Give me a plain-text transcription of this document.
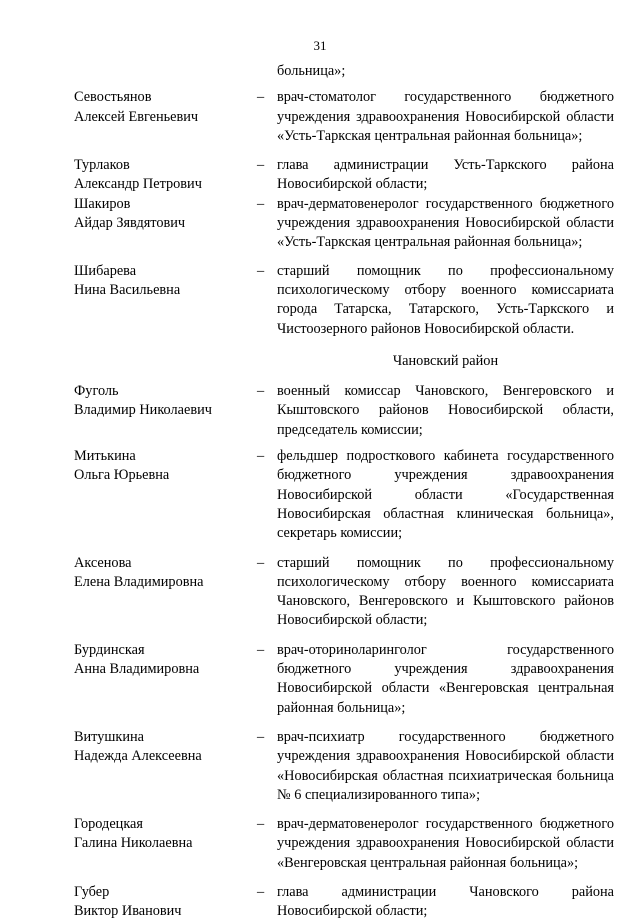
31
больница»;
Севостьянов
Алексей Евгеньевич
– врач-стоматолог государственного бюджетного учреждения здравоохранения Новосибирской области «Усть-Таркская центральная районная больница»;
Турлаков
Александр Петрович
– глава администрации Усть-Таркского района Новосибирской области;
Шакиров
Айдар Зявдятович
– врач-дерматовенеролог государственного бюджетного учреждения здравоохранения Новосибирской области «Усть-Таркская центральная районная больница»;
Шибарева
Нина Васильевна
– старший помощник по профессиональному психологическому отбору военного комиссариата города Татарска, Татарского, Усть-Таркского и Чистоозерного районов Новосибирской области.
Чановский район
Фуголь
Владимир Николаевич
– военный комиссар Чановского, Венгеровского и Кыштовского районов Новосибирской области, председатель комиссии;
Митькина
Ольга Юрьевна
– фельдшер подросткового кабинета государственного бюджетного учреждения здравоохранения Новосибирской области «Государственная Новосибирская областная клиническая больница», секретарь комиссии;
Аксенова
Елена Владимировна
– старший помощник по профессиональному психологическому отбору военного комиссариата Чановского, Венгеровского и Кыштовского районов Новосибирской области;
Бурдинская
Анна Владимировна
– врач-оториноларинголог государственного бюджетного учреждения здравоохранения Новосибирской области «Венгеровская центральная районная больница»;
Витушкина
Надежда Алексеевна
– врач-психиатр государственного бюджетного учреждения здравоохранения Новосибирской области «Новосибирская областная психиатрическая больница № 6 специализированного типа»;
Городецкая
Галина Николаевна
– врач-дерматовенеролог государственного бюджетного учреждения здравоохранения Новосибирской области «Венгеровская центральная районная больница»;
Губер
Виктор Иванович
– глава администрации Чановского района Новосибирской области;
